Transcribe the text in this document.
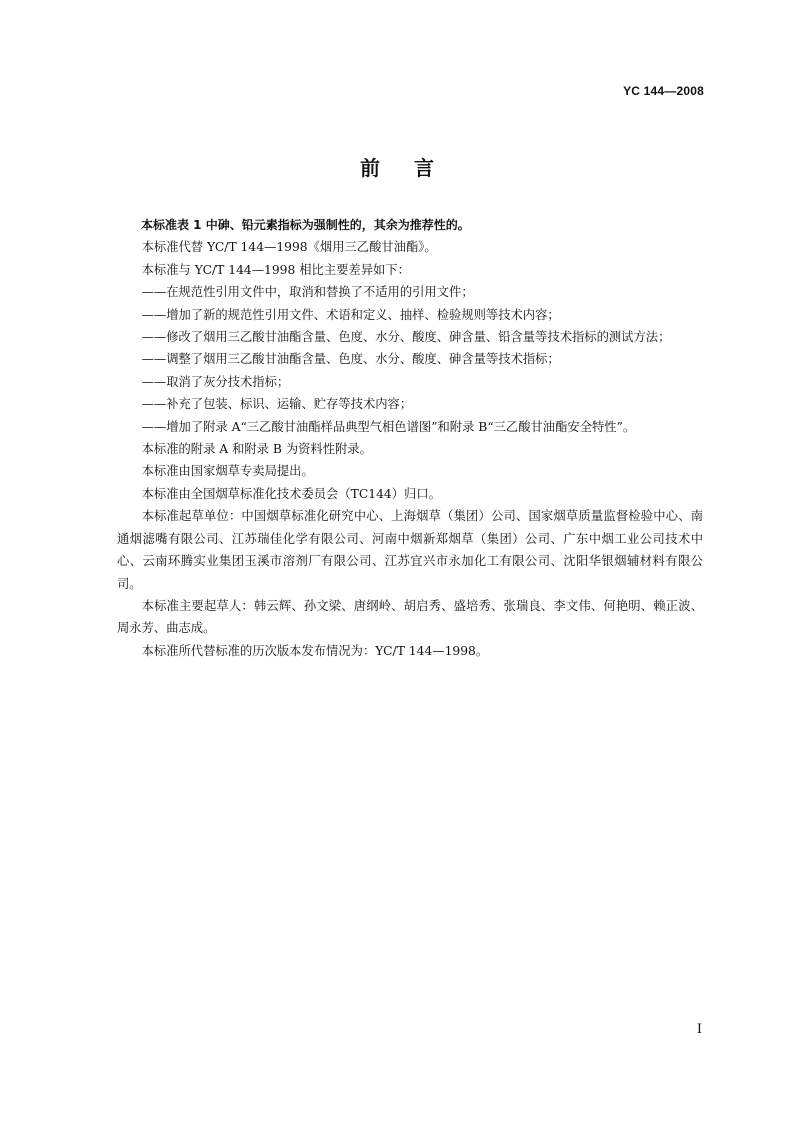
YC 144—2008
前言

本标准表 1 中砷、铅元素指标为强制性的，其余为推荐性的。

本标准代替 YC/T 144—1998《烟用三乙酸甘油酯》。

本标准与 YC/T 144—1998 相比主要差异如下：

——在规范性引用文件中，取消和替换了不适用的引用文件；

——增加了新的规范性引用文件、术语和定义、抽样、检验规则等技术内容；

——修改了烟用三乙酸甘油酯含量、色度、水分、酸度、砷含量、铅含量等技术指标的测试方法；

——调整了烟用三乙酸甘油酯含量、色度、水分、酸度、砷含量等技术指标；

——取消了灰分技术指标；

——补充了包装、标识、运输、贮存等技术内容；

——增加了附录 A“三乙酸甘油酯样品典型气相色谱图”和附录 B“三乙酸甘油酯安全特性”。

本标准的附录 A 和附录 B 为资料性附录。

本标准由国家烟草专卖局提出。

本标准由全国烟草标准化技术委员会（TC144）归口。

本标准起草单位：中国烟草标准化研究中心、上海烟草（集团）公司、国家烟草质量监督检验中心、南通烟滤嘴有限公司、江苏瑞佳化学有限公司、河南中烟新郑烟草（集团）公司、广东中烟工业公司技术中心、云南环腾实业集团玉溪市溶剂厂有限公司、江苏宜兴市永加化工有限公司、沈阳华银烟辅材料有限公司。

本标准主要起草人：韩云辉、孙文梁、唐纲岭、胡启秀、盛培秀、张瑞良、李文伟、何艳明、赖正波、周永芳、曲志成。

本标准所代替标准的历次版本发布情况为：YC/T 144—1998。

I
